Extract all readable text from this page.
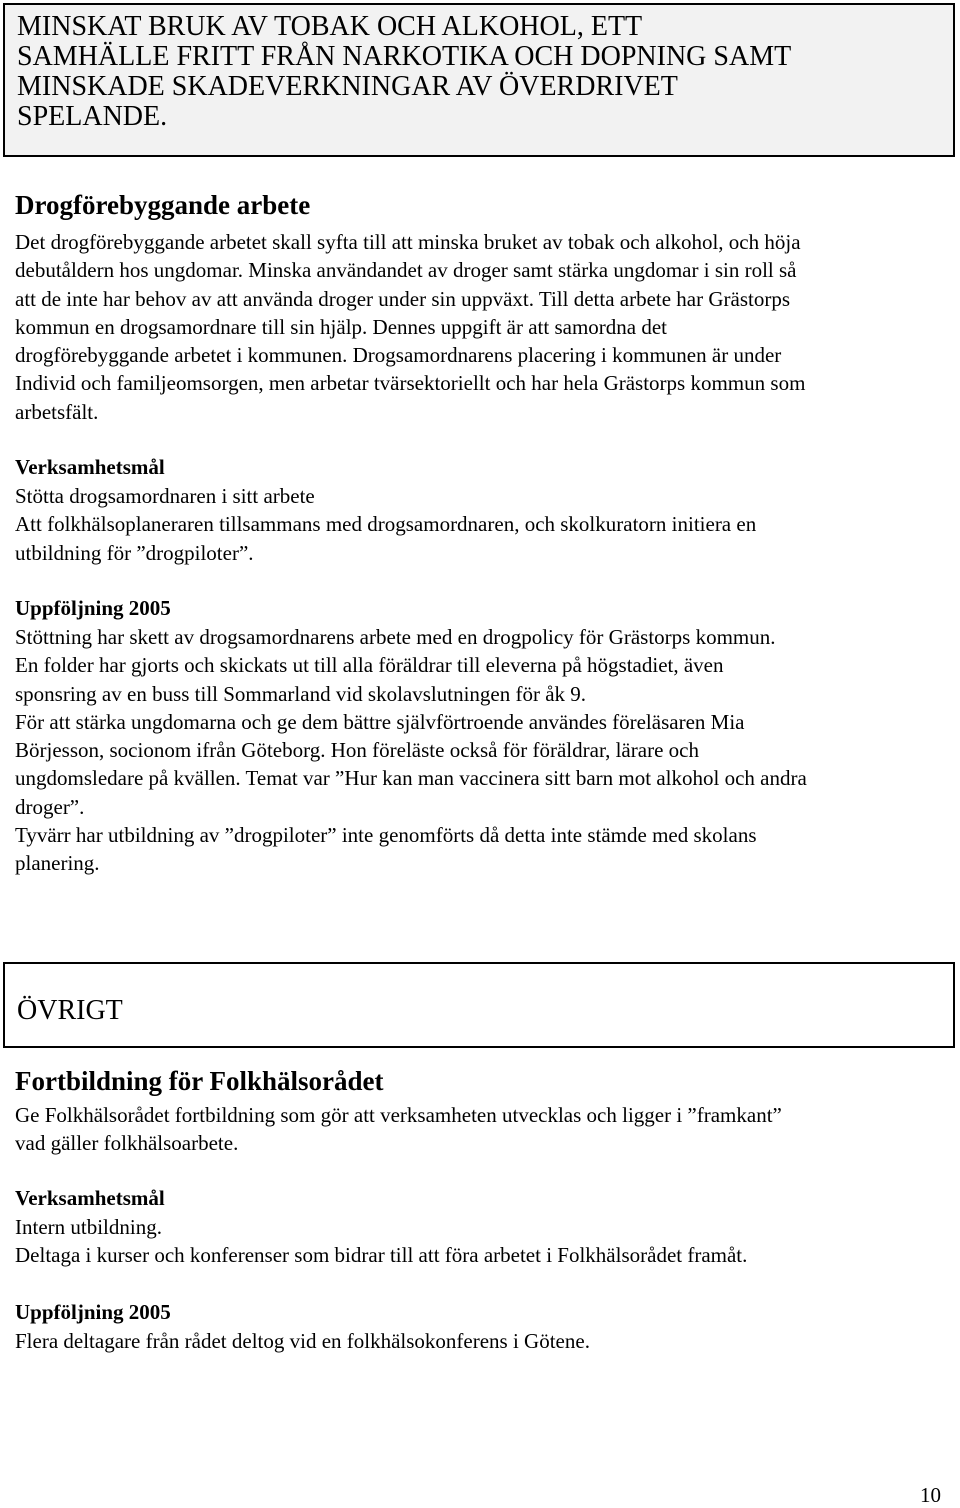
MINSKAT BRUK AV TOBAK OCH ALKOHOL, ETT
SAMHÄLLE FRITT FRÅN NARKOTIKA OCH DOPNING SAMT
MINSKADE SKADEVERKNINGAR AV ÖVERDRIVET
SPELANDE.
Drogförebyggande arbete
Det drogförebyggande arbetet skall syfta till att minska bruket av tobak och alkohol, och höja
debutåldern hos ungdomar. Minska användandet av droger samt stärka ungdomar i sin roll så
att de inte har behov av att använda droger under sin uppväxt. Till detta arbete har Grästorps
kommun en drogsamordnare till sin hjälp. Dennes uppgift är att samordna det
drogförebyggande arbetet i kommunen. Drogsamordnarens placering i kommunen är under
Individ och familjeomsorgen, men arbetar tvärsektoriellt och har hela Grästorps kommun som
arbetsfält.
Verksamhetsmål
Stötta drogsamordnaren i sitt arbete
Att folkhälsoplaneraren tillsammans med drogsamordnaren, och skolkuratorn initiera en
utbildning för ”drogpiloter”.
Uppföljning 2005
Stöttning har skett av drogsamordnarens arbete med en drogpolicy för Grästorps kommun.
En folder har gjorts och skickats ut till alla föräldrar till eleverna på högstadiet, även
sponsring av en buss till Sommarland vid skolavslutningen för åk 9.
För att stärka ungdomarna och ge dem bättre självförtroende användes föreläsaren Mia
Börjesson, socionom ifrån Göteborg. Hon föreläste också för föräldrar, lärare och
ungdomsledare på kvällen. Temat var ”Hur kan man vaccinera sitt barn mot alkohol och andra
droger”.
Tyvärr har utbildning av ”drogpiloter” inte genomförts då detta inte stämde med skolans
planering.
ÖVRIGT
Fortbildning för Folkhälsorådet
Ge Folkhälsorådet fortbildning som gör att verksamheten utvecklas och ligger i ”framkant”
vad gäller folkhälsoarbete.
Verksamhetsmål
Intern utbildning.
Deltaga i kurser och konferenser som bidrar till att föra arbetet i Folkhälsorådet framåt.
Uppföljning 2005
Flera deltagare från rådet deltog vid en folkhälsokonferens i Götene.
10
